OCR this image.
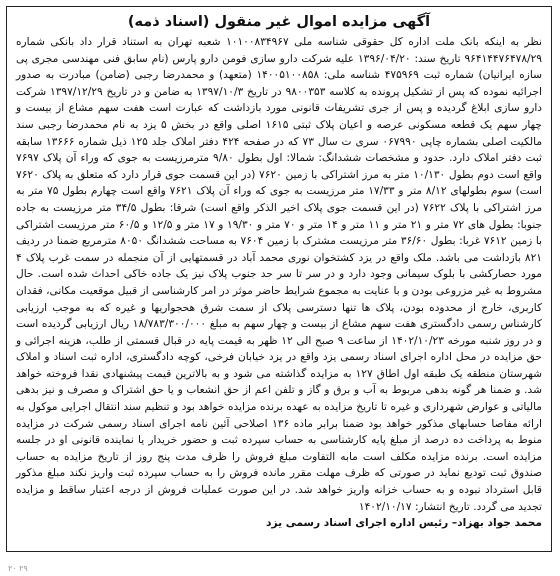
آگهی مزایده اموال غیر منقول (اسناد ذمه)

نظر به اینکه بانک ملت اداره کل حقوقی شناسه ملی ۱۰۱۰۰۸۳۴۹۶۷ شعبه تهران به استناد قرار داد بانکی شماره ۹۶۴۱۴۴۷۶۴۷۸/۲۹ تاریخ سند: ۱۳۹۶/۰۴/۲۰ علیه شرکت دارو سازی فومن دارو پارس (نام سابق فنی مهندسی مجری پی سازه ایرانیان) شماره ثبت ۴۷۵۹۶۹ شناسه ملی: ۱۴۰۰۵۱۰۰۸۵۸ (متعهد) و محمدرضا رجبی (ضامن) مبادرت به صدور اجرائیه نموده که پس از تشکیل پرونده به کلاسه ۹۸۰۰۳۵۳ در تاریخ ۱۳۹۷/۱۰/۳ به ضامن و در تاریخ ۱۳۹۷/۱۲/۲۹ شرکت دارو سازی ابلاغ گردیده و پس از جری تشریفات قانونی مورد بازداشت که عبارت است هفت سهم مشاع از بیست و چهار سهم یک قطعه مسکونی عرصه و اعیان پلاک ثبتی ۱۶۱۵ اصلی واقع در بخش ۵ یزد به نام محمدرضا رجبی سند مالکیت اصلی بشماره چاپی ۰۶۷۹۹۰ سری ت سال ۷۳ که در صفحه ۴۲۴ دفتر املاک جلد ۱۲۵ ذیل شماره ۱۳۶۶۶ سابقه ثبت دفتر املاک دارد. حدود و مشخصات ششدانگ: شمالا: اول بطول ۹/۸۰ مترمرزیست به جوی که وراء آن پلاک ۷۶۹۷ واقع است دوم بطول ۱۰/۱۳۰ متر به مرز اشتراکی با زمین ۷۶۲۰ (در این قسمت جوی قرار دارد که متعلق به پلاک ۷۶۲۰ است) سوم بطولهای ۸/۱۲ متر و ۱۷/۳۳ متر مرزیست به جوی که وراء آن پلاک ۷۶۲۱ واقع است چهارم بطول ۷۵ متر به مرز اشتراکی با پلاک ۷۶۲۲ (در این قسمت جوی پلاک اخیر الذکر واقع است) شرقا: بطول ۳۴/۵ متر مرزیست به جاده جنوبا: بطول های ۷۲ متر و ۲۱ متر و ۱۱ متر و ۱۴ متر و ۷۰ متر و ۱۹/۳۰ و ۱۷ متر و ۱۲/۵ و ۶۰/۵ متر مرزیست اشتراکی با زمین ۷۶۱۲ غربا: بطول ۳۶/۶۰ متر مرزیست مشترک با زمین ۷۶۰۴ به مساحت ششدانگ ۸۰۵۰ مترمربع ضمنا در ردیف ۸۲۱ بازداشت می باشد. ملک واقع در یزد کشتخوان نوری محمد آباد در قسمتهایی از آن منجمله در سمت غرب پلاک ۴ مورد حصارکشی با بلوک سیمانی وجود دارد و در سر تا سر حد جنوب پلاک نیز یک جاده خاکی احداث شده است. حال مشروط به غیر مزروعی بودن و با عنایت به مجموع شرایط حاضر موثر در امر کارشناسی از قبیل موقعیت مکانی، فقدان کاربری، خارج از محدوده بودن، پلاک ها تنها دسترسی پلاک از سمت شرق هحجواریها و غیره که به موجب ارزیابی کارشناس رسمی دادگستری هفت سهم مشاع از بیست و چهار سهم به مبلغ ۱۸/۷۸۳/۳۰۰/۰۰۰ ریال ارزیابی گردیده است و در روز شنبه مورخه ۱۴۰۲/۱۰/۲۳ از ساعت ۹ صبح الی ۱۲ ظهر به قیمت پایه در قبال قسمتی از طلب، هزینه اجرائی و حق مزایده در محل اداره اجرای اسناد رسمی یزد واقع در یزد خیابان فرخی، کوچه دادگستری، اداره ثبت اسناد و املاک شهرستان منطقه یک طبقه اول اطاق ۱۲۷ به مزایده گذاشته می شود و به بالاترین قیمت پیشنهادی نقدا فروخته خواهد شد. و ضمنا هر گونه بدهی مربوط به آب و برق و گاز و تلفن اعم از حق انشعاب و یا حق اشتراک و مصرف و نیز بدهی مالیاتی و عوارض شهرداری و غیره تا تاریخ مزایده به عهده برنده مزایده خواهد بود و تنظیم سند انتقال اجرایی موکول به ارائه مفاصا حسابهای مذکور خواهد بود ضمنا برابر ماده ۱۳۶ اصلاحی آئین نامه اجرای اسناد رسمی شرکت در مزایده منوط به پرداخت ده درصد از مبلغ پایه کارشناسی به حساب سپرده ثبت و حضور خریدار یا نماینده قانونی او در جلسه مزایده است. برنده مزایده مکلف است مابه التفاوت مبلغ فروش را ظرف مدت پنج روز از تاریخ مزایده به حساب صندوق ثبت تودیع نماید در صورتی که ظرف مهلت مقرر مانده فروش را به حساب سپرده ثبت واریز نکند مبلغ مذکور قابل استرداد نبوده و به حساب خزانه واریز خواهد شد. در این صورت عملیات فروش از درجه اعتبار ساقط و مزایده تجدید می گردد. تاریخ انتشار: ۱۴۰۲/۱۰/۱۷

محمد جواد بهزاد– رئیس اداره اجرای اسناد رسمی یزد

۲۰ ۲۹
